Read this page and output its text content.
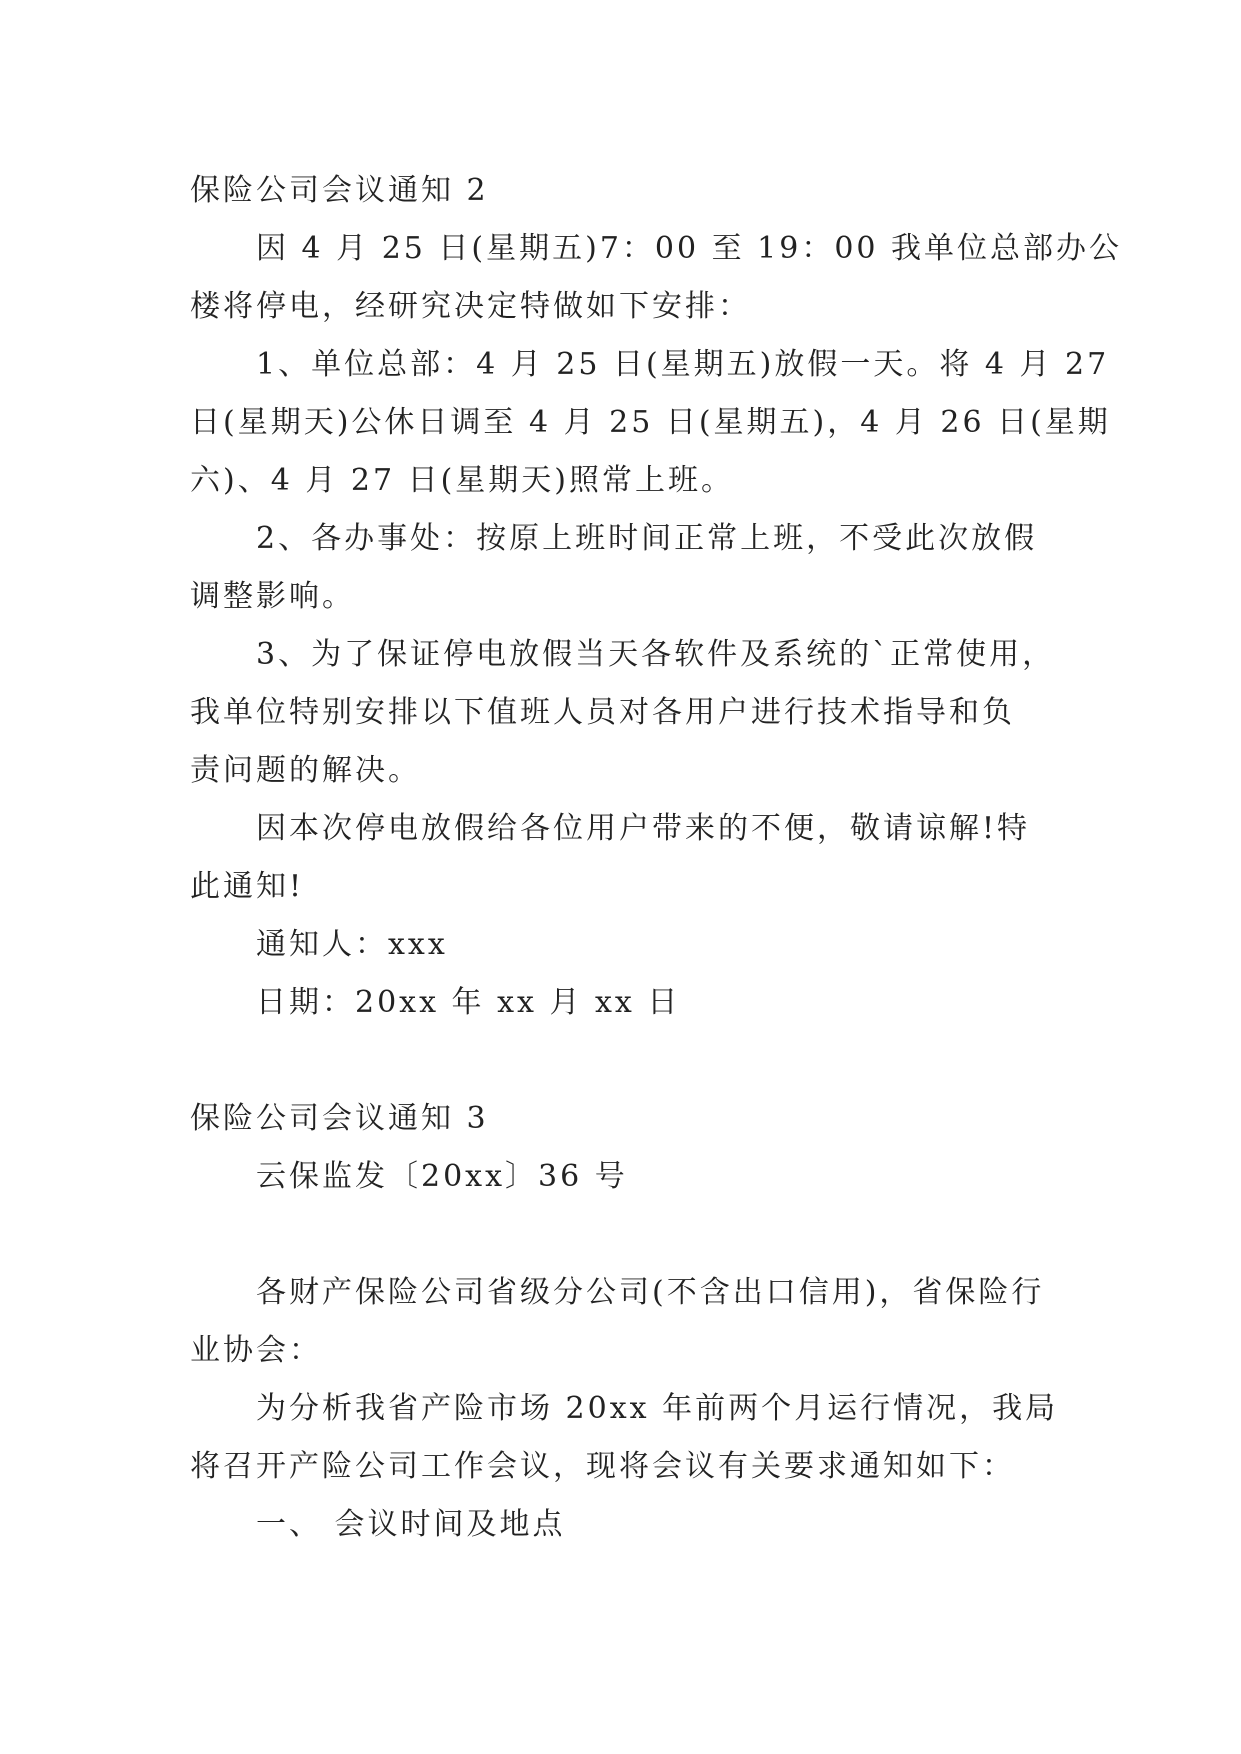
保险公司会议通知 2
因 4 月 25 日(星期五)7：00 至 19：00 我单位总部办公
楼将停电，经研究决定特做如下安排：
1、单位总部：4 月 25 日(星期五)放假一天。将 4 月 27
日(星期天)公休日调至 4 月 25 日(星期五)，4 月 26 日(星期
六)、4 月 27 日(星期天)照常上班。
2、各办事处：按原上班时间正常上班，不受此次放假
调整影响。
3、为了保证停电放假当天各软件及系统的`正常使用，
我单位特别安排以下值班人员对各用户进行技术指导和负
责问题的解决。
因本次停电放假给各位用户带来的不便，敬请谅解!特
此通知!
通知人：xxx
日期：20xx 年 xx 月 xx 日
保险公司会议通知 3
云保监发〔20xx〕36 号
各财产保险公司省级分公司(不含出口信用)，省保险行
业协会：
为分析我省产险市场 20xx 年前两个月运行情况，我局
将召开产险公司工作会议，现将会议有关要求通知如下：
一、 会议时间及地点
